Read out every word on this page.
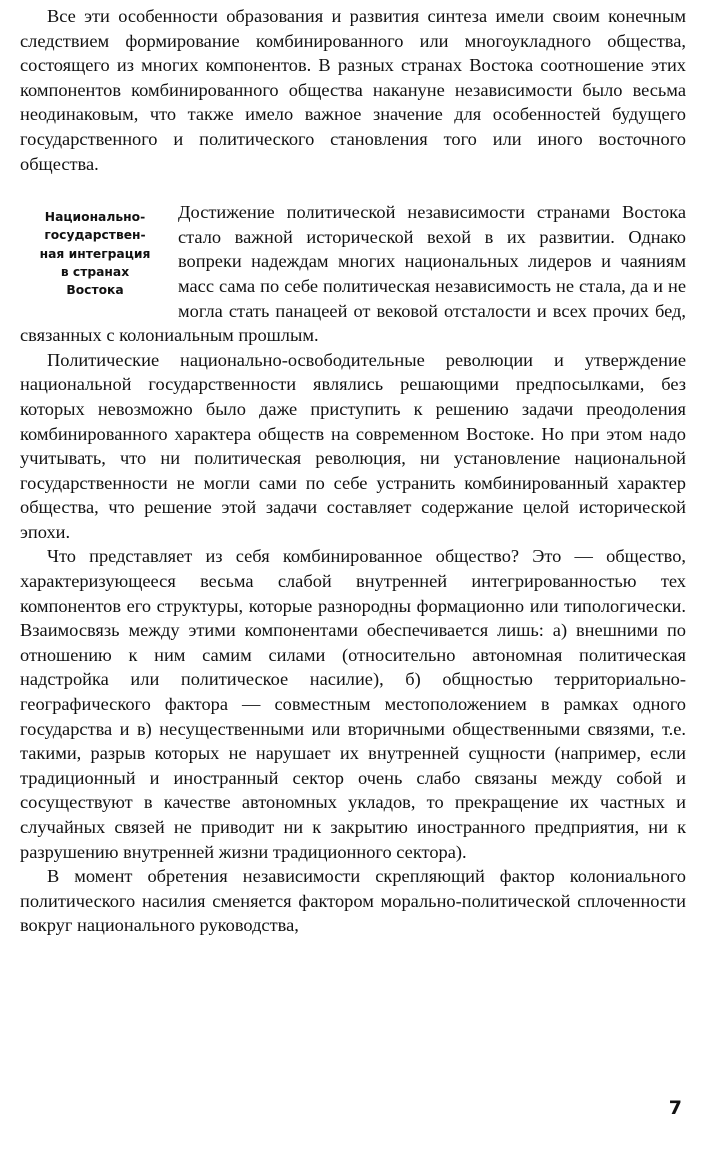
Все эти особенности образования и развития синтеза имели своим конечным следствием формирование комбинированного или многоукладного общества, состоящего из многих компонентов. В разных странах Востока соотношение этих компонентов комбинированного общества накануне независимости было весьма неодинаковым, что также имело важное значение для особенностей будущего государственного и политического становления того или иного восточного общества.

Национально-
государствен-
ная интеграция
в странах
Востока

Достижение политической независимости странами Востока стало важной исторической вехой в их развитии. Однако вопреки надеждам многих национальных лидеров и чаяниям масс сама по себе политическая независимость не стала, да и не могла стать панацеей от вековой отсталости и всех прочих бед, связанных с колониальным прошлым.

Политические национально-освободительные революции и утверждение национальной государственности являлись решающими предпосылками, без которых невозможно было даже приступить к решению задачи преодоления комбинированного характера обществ на современном Востоке. Но при этом надо учитывать, что ни политическая революция, ни установление национальной государственности не могли сами по себе устранить комбинированный характер общества, что решение этой задачи составляет содержание целой исторической эпохи.

Что представляет из себя комбинированное общество? Это — общество, характеризующееся весьма слабой внутренней интегрированностью тех компонентов его структуры, которые разнородны формационно или типологически. Взаимосвязь между этими компонентами обеспечивается лишь: а) внешними по отношению к ним самим силами (относительно автономная политическая надстройка или политическое насилие), б) общностью территориально-географического фактора — совместным местоположением в рамках одного государства и в) несущественными или вторичными общественными связями, т.е. такими, разрыв которых не нарушает их внутренней сущности (например, если традиционный и иностранный сектор очень слабо связаны между собой и сосуществуют в качестве автономных укладов, то прекращение их частных и случайных связей не приводит ни к закрытию иностранного предприятия, ни к разрушению внутренней жизни традиционного сектора).

В момент обретения независимости скрепляющий фактор колониального политического насилия сменяется фактором морально-политической сплоченности вокруг национального руководства,

7
